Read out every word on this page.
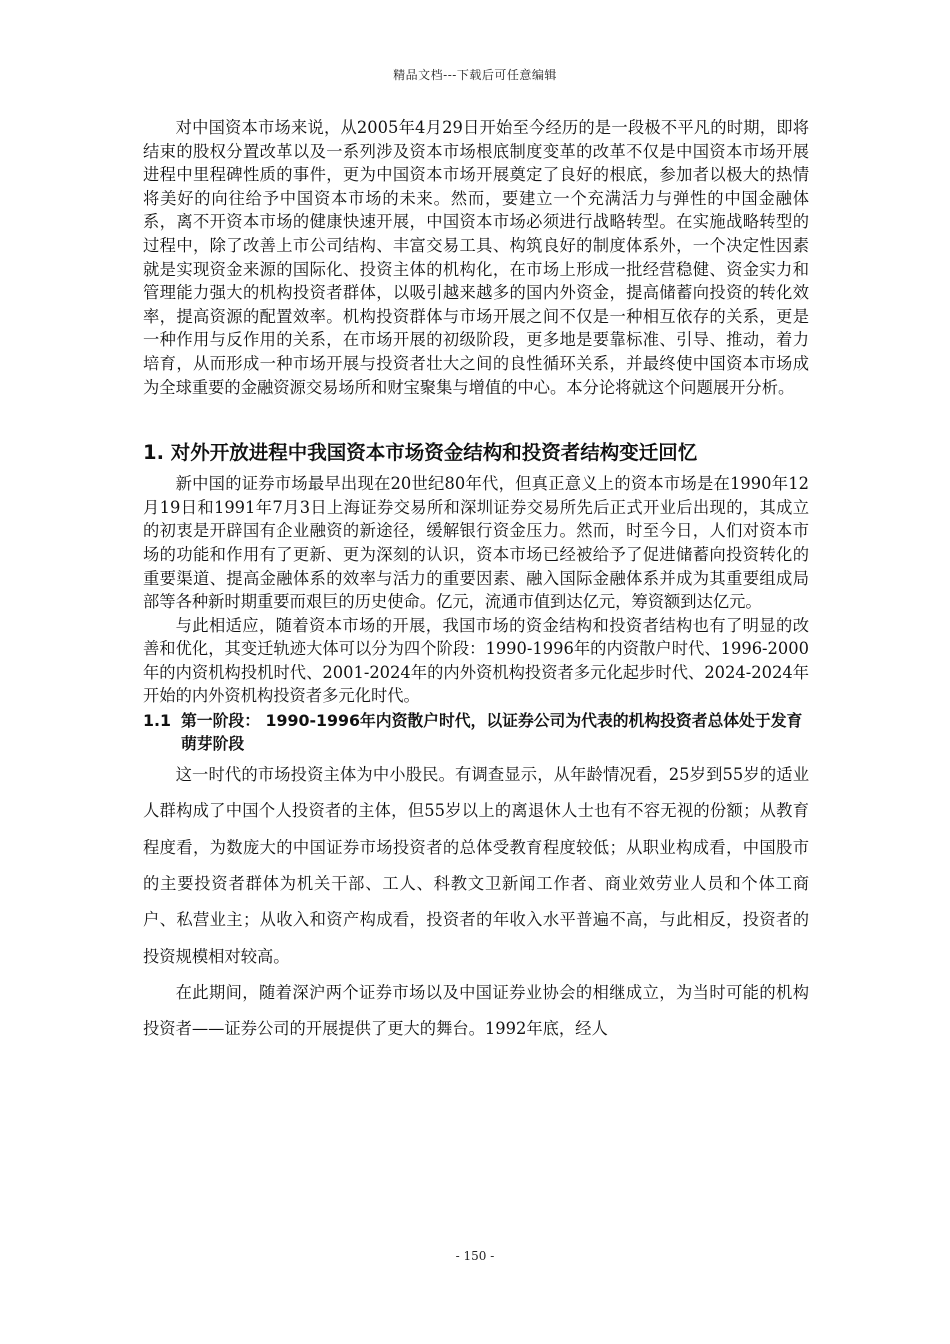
精品文档---下载后可任意编辑

对中国资本市场来说，从2005年4月29日开始至今经历的是一段极不平凡的时期，即将结束的股权分置改革以及一系列涉及资本市场根底制度变革的改革不仅是中国资本市场开展进程中里程碑性质的事件，更为中国资本市场开展奠定了良好的根底，参加者以极大的热情将美好的向往给予中国资本市场的未来。然而，要建立一个充满活力与弹性的中国金融体系，离不开资本市场的健康快速开展，中国资本市场必须进行战略转型。在实施战略转型的过程中，除了改善上市公司结构、丰富交易工具、构筑良好的制度体系外，一个决定性因素就是实现资金来源的国际化、投资主体的机构化，在市场上形成一批经营稳健、资金实力和管理能力强大的机构投资者群体，以吸引越来越多的国内外资金，提高储蓄向投资的转化效率，提高资源的配置效率。机构投资群体与市场开展之间不仅是一种相互依存的关系，更是一种作用与反作用的关系，在市场开展的初级阶段，更多地是要靠标准、引导、推动，着力培育，从而形成一种市场开展与投资者壮大之间的良性循环关系，并最终使中国资本市场成为全球重要的金融资源交易场所和财宝聚集与增值的中心。本分论将就这个问题展开分析。

1. 对外开放进程中我国资本市场资金结构和投资者结构变迁回忆

新中国的证券市场最早出现在20世纪80年代，但真正意义上的资本市场是在1990年12月19日和1991年7月3日上海证券交易所和深圳证券交易所先后正式开业后出现的，其成立的初衷是开辟国有企业融资的新途径，缓解银行资金压力。然而，时至今日，人们对资本市场的功能和作用有了更新、更为深刻的认识，资本市场已经被给予了促进储蓄向投资转化的重要渠道、提高金融体系的效率与活力的重要因素、融入国际金融体系并成为其重要组成局部等各种新时期重要而艰巨的历史使命。亿元，流通市值到达亿元，筹资额到达亿元。

与此相适应，随着资本市场的开展，我国市场的资金结构和投资者结构也有了明显的改善和优化，其变迁轨迹大体可以分为四个阶段：1990-1996年的内资散户时代、1996-2000年的内资机构投机时代、2001-2024年的内外资机构投资者多元化起步时代、2024-2024年开始的内外资机构投资者多元化时代。

1.1 第一阶段： 1990-1996年内资散户时代，以证券公司为代表的机构投资者总体处于发育萌芽阶段

这一时代的市场投资主体为中小股民。有调查显示，从年龄情况看，25岁到55岁的适业人群构成了中国个人投资者的主体，但55岁以上的离退休人士也有不容无视的份额；从教育程度看，为数庞大的中国证券市场投资者的总体受教育程度较低；从职业构成看，中国股市的主要投资者群体为机关干部、工人、科教文卫新闻工作者、商业效劳业人员和个体工商户、私营业主；从收入和资产构成看，投资者的年收入水平普遍不高，与此相反，投资者的投资规模相对较高。

在此期间，随着深沪两个证券市场以及中国证券业协会的相继成立，为当时可能的机构投资者——证券公司的开展提供了更大的舞台。1992年底，经人

- 150 -
